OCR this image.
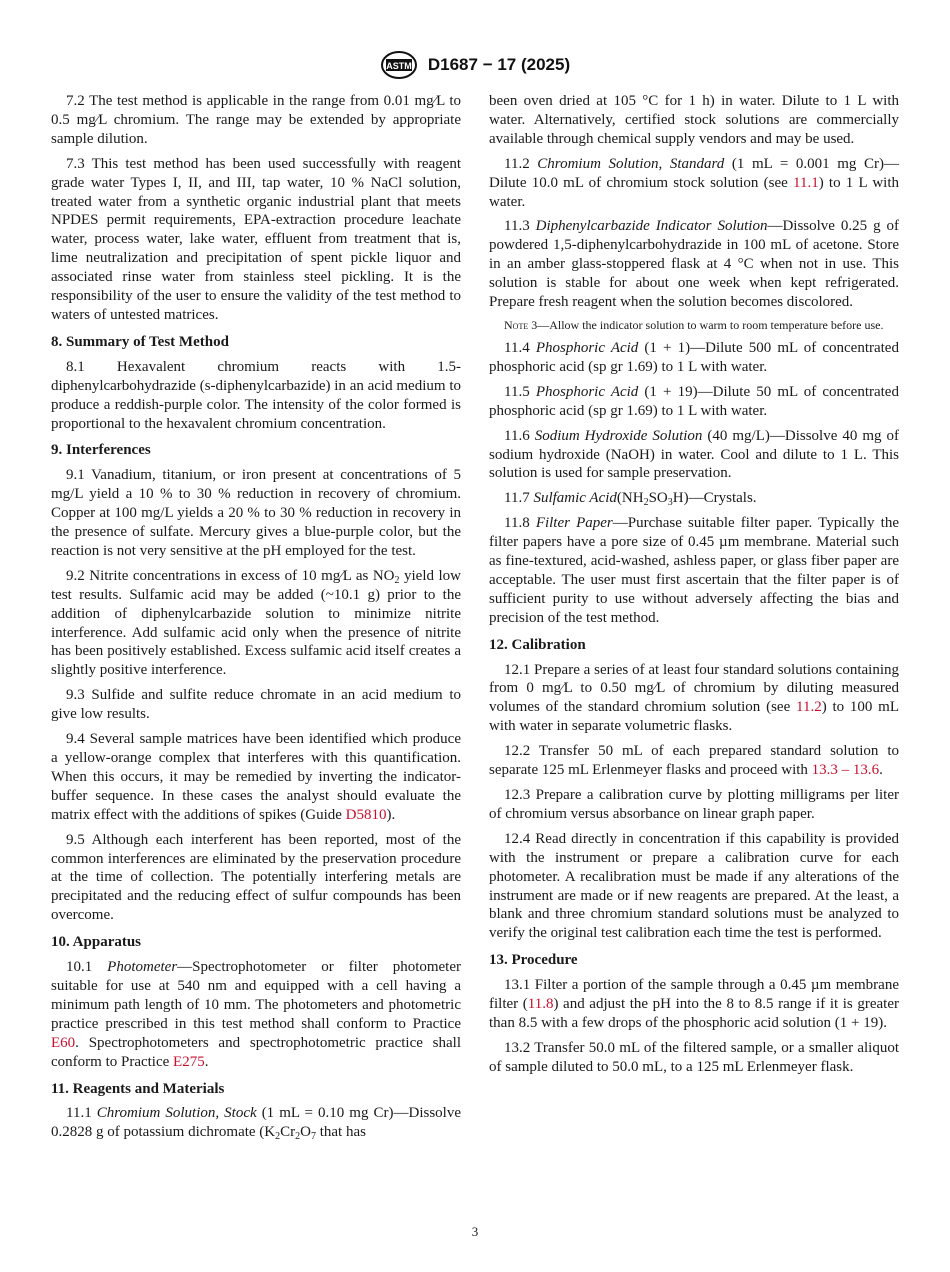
ASTM D1687 − 17 (2025)

7.2 The test method is applicable in the range from 0.01 mg⁄L to 0.5 mg⁄L chromium. The range may be extended by appropriate sample dilution.

7.3 This test method has been used successfully with reagent grade water Types I, II, and III, tap water, 10 % NaCl solution, treated water from a synthetic organic industrial plant that meets NPDES permit requirements, EPA-extraction procedure leachate water, process water, lake water, effluent from treatment that is, lime neutralization and precipitation of spent pickle liquor and associated rinse water from stainless steel pickling. It is the responsibility of the user to ensure the validity of the test method to waters of untested matrices.

8. Summary of Test Method

8.1 Hexavalent chromium reacts with 1.5-diphenylcarbohydrazide (s-diphenylcarbazide) in an acid medium to produce a reddish-purple color. The intensity of the color formed is proportional to the hexavalent chromium concentration.

9. Interferences

9.1 Vanadium, titanium, or iron present at concentrations of 5 mg/L yield a 10 % to 30 % reduction in recovery of chromium. Copper at 100 mg/L yields a 20 % to 30 % reduction in recovery in the presence of sulfate. Mercury gives a blue-purple color, but the reaction is not very sensitive at the pH employed for the test.

9.2 Nitrite concentrations in excess of 10 mg⁄L as $NO_2$ yield low test results. Sulfamic acid may be added (~10.1 g) prior to the addition of diphenylcarbazide solution to minimize nitrite interference. Add sulfamic acid only when the presence of nitrite has been positively established. Excess sulfamic acid itself creates a slightly positive interference.

9.3 Sulfide and sulfite reduce chromate in an acid medium to give low results.

9.4 Several sample matrices have been identified which produce a yellow-orange complex that interferes with this quantification. When this occurs, it may be remedied by inverting the indicator-buffer sequence. In these cases the analyst should evaluate the matrix effect with the additions of spikes (Guide D5810).

9.5 Although each interferent has been reported, most of the common interferences are eliminated by the preservation procedure at the time of collection. The potentially interfering metals are precipitated and the reducing effect of sulfur compounds has been overcome.

10. Apparatus

10.1 Photometer—Spectrophotometer or filter photometer suitable for use at 540 nm and equipped with a cell having a minimum path length of 10 mm. The photometers and photometric practice prescribed in this test method shall conform to Practice E60. Spectrophotometers and spectrophotometric practice shall conform to Practice E275.

11. Reagents and Materials

11.1 Chromium Solution, Stock (1 mL = 0.10 mg Cr)—Dissolve 0.2828 g of potassium dichromate ($K_2Cr_2O_7$ that has

been oven dried at 105 °C for 1 h) in water. Dilute to 1 L with water. Alternatively, certified stock solutions are commercially available through chemical supply vendors and may be used.

11.2 Chromium Solution, Standard (1 mL = 0.001 mg Cr)—Dilute 10.0 mL of chromium stock solution (see 11.1) to 1 L with water.

11.3 Diphenylcarbazide Indicator Solution—Dissolve 0.25 g of powdered 1,5-diphenylcarbohydrazide in 100 mL of acetone. Store in an amber glass-stoppered flask at 4 °C when not in use. This solution is stable for about one week when kept refrigerated. Prepare fresh reagent when the solution becomes discolored.

Note 3—Allow the indicator solution to warm to room temperature before use.

11.4 Phosphoric Acid (1 + 1)—Dilute 500 mL of concentrated phosphoric acid (sp gr 1.69) to 1 L with water.

11.5 Phosphoric Acid (1 + 19)—Dilute 50 mL of concentrated phosphoric acid (sp gr 1.69) to 1 L with water.

11.6 Sodium Hydroxide Solution (40 mg/L)—Dissolve 40 mg of sodium hydroxide (NaOH) in water. Cool and dilute to 1 L. This solution is used for sample preservation.

11.7 Sulfamic $Acid(NH_2SO_3H)—Crystals$.

11.8 Filter Paper—Purchase suitable filter paper. Typically the filter papers have a pore size of 0.45 µm membrane. Material such as fine-textured, acid-washed, ashless paper, or glass fiber paper are acceptable. The user must first ascertain that the filter paper is of sufficient purity to use without adversely affecting the bias and precision of the test method.

12. Calibration

12.1 Prepare a series of at least four standard solutions containing from 0 mg⁄L to 0.50 mg⁄L of chromium by diluting measured volumes of the standard chromium solution (see 11.2) to 100 mL with water in separate volumetric flasks.

12.2 Transfer 50 mL of each prepared standard solution to separate 125 mL Erlenmeyer flasks and proceed with 13.3 – 13.6.

12.3 Prepare a calibration curve by plotting milligrams per liter of chromium versus absorbance on linear graph paper.

12.4 Read directly in concentration if this capability is provided with the instrument or prepare a calibration curve for each photometer. A recalibration must be made if any alterations of the instrument are made or if new reagents are prepared. At the least, a blank and three chromium standard solutions must be analyzed to verify the original test calibration each time the test is performed.

13. Procedure

13.1 Filter a portion of the sample through a 0.45 µm membrane filter (11.8) and adjust the pH into the 8 to 8.5 range if it is greater than 8.5 with a few drops of the phosphoric acid solution (1 + 19).

13.2 Transfer 50.0 mL of the filtered sample, or a smaller aliquot of sample diluted to 50.0 mL, to a 125 mL Erlenmeyer flask.

3
